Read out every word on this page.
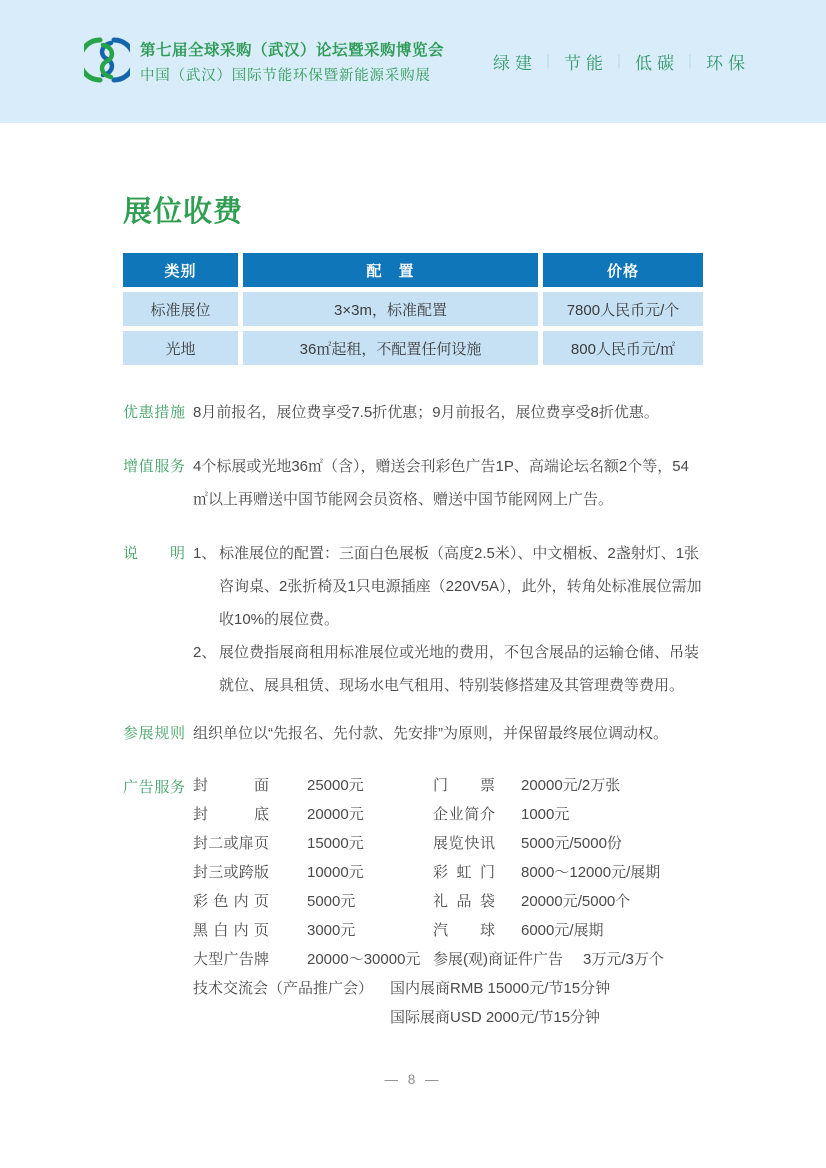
第七届全球采购（武汉）论坛暨采购博览会
中国（武汉）国际节能环保暨新能源采购展
绿建 ｜ 节能 ｜ 低碳 ｜ 环保
展位收费
类别	配　置	价格
标准展位	3×3m，标准配置	7800人民币元/个
光地	36㎡起租，不配置任何设施	800人民币元/㎡
优惠措施 8月前报名，展位费享受7.5折优惠；9月前报名，展位费享受8折优惠。
增值服务 4个标展或光地36㎡（含），赠送会刊彩色广告1P、高端论坛名额2个等，54㎡以上再赠送中国节能网会员资格、赠送中国节能网网上广告。
说明 1、 标准展位的配置：三面白色展板（高度2.5米）、中文楣板、2盏射灯、1张咨询桌、2张折椅及1只电源插座（220V5A），此外，转角处标准展位需加收10%的展位费。
2、 展位费指展商租用标准展位或光地的费用，不包含展品的运输仓储、吊装就位、展具租赁、现场水电气租用、特别装修搭建及其管理费等费用。
参展规则 组织单位以“先报名、先付款、先安排”为原则，并保留最终展位调动权。
广告服务 封面	25000元	门票	20000元/2万张
封底	20000元	企业简介	1000元
封二或扉页	15000元	展览快讯	5000元/5000份
封三或跨版	10000元	彩虹门	8000～12000元/展期
彩色内页	5000元	礼品袋	20000元/5000个
黑白内页	3000元	汽球	6000元/展期
大型广告牌	20000～30000元 参展(观)商证件广告	3万元/3万个
技术交流会（产品推广会）	国内展商RMB 15000元/节15分钟
国际展商USD 2000元/节15分钟
— 8 —
